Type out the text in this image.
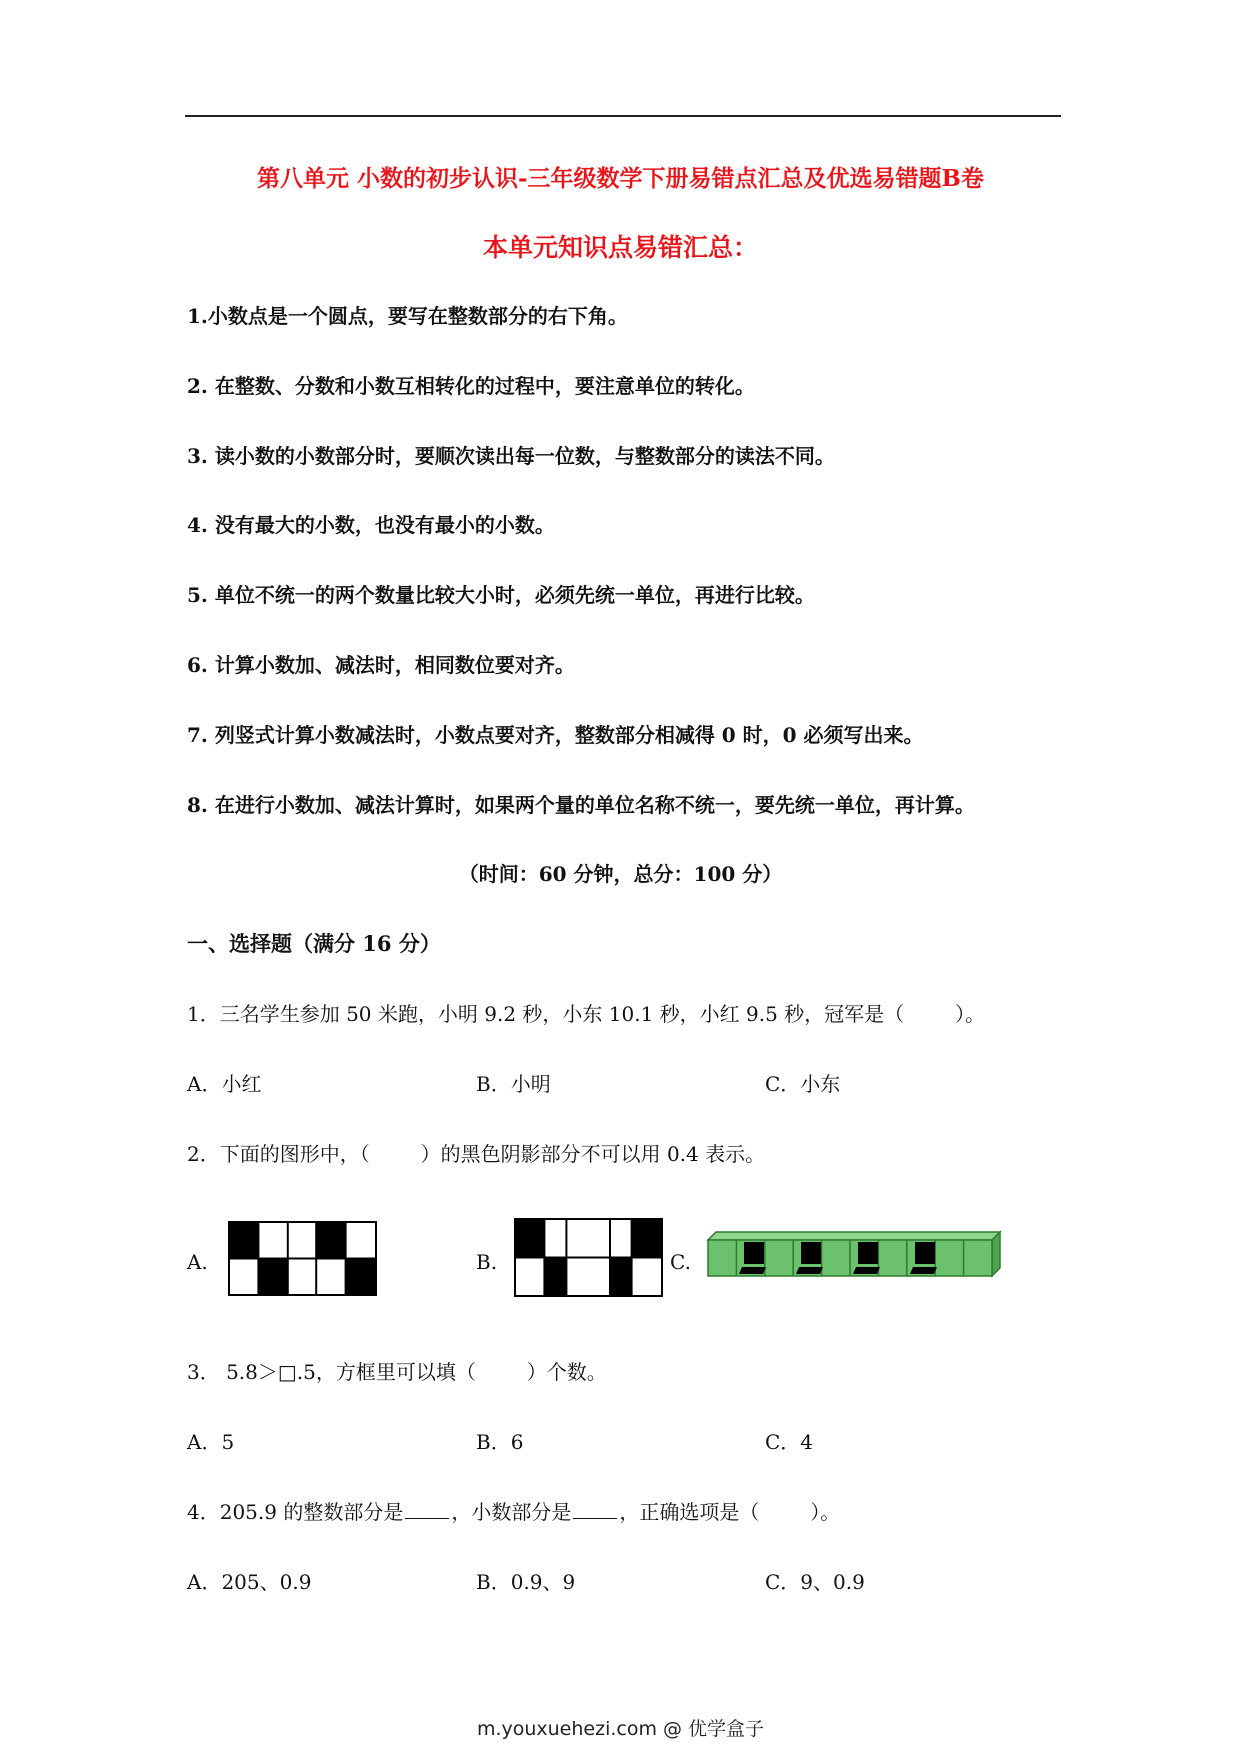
第八单元 小数的初步认识-三年级数学下册易错点汇总及优选易错题B卷
本单元知识点易错汇总：
1.小数点是一个圆点，要写在整数部分的右下角。
2. 在整数、分数和小数互相转化的过程中，要注意单位的转化。
3. 读小数的小数部分时，要顺次读出每一位数，与整数部分的读法不同。
4. 没有最大的小数，也没有最小的小数。
5. 单位不统一的两个数量比较大小时，必须先统一单位，再进行比较。
6. 计算小数加、减法时，相同数位要对齐。
7. 列竖式计算小数减法时，小数点要对齐，整数部分相减得 0 时，0 必须写出来。
8. 在进行小数加、减法计算时，如果两个量的单位名称不统一，要先统一单位，再计算。
（时间：60 分钟，总分：100 分）
一、选择题（满分 16 分）
1．三名学生参加 50 米跑，小明 9.2 秒，小东 10.1 秒，小红 9.5 秒，冠军是（        ）。
A．小红	B．小明	C．小东
2．下面的图形中，（        ）的黑色阴影部分不可以用 0.4 表示。
A.	B.	C.
3． 5.8＞□.5，方框里可以填（        ）个数。
A．5	B．6	C．4
4．205.9 的整数部分是 ，小数部分是 ，正确选项是（        ）。
A．205、0.9	B．0.9、9	C．9、0.9
m.youxuehezi.com @ 优学盒子
